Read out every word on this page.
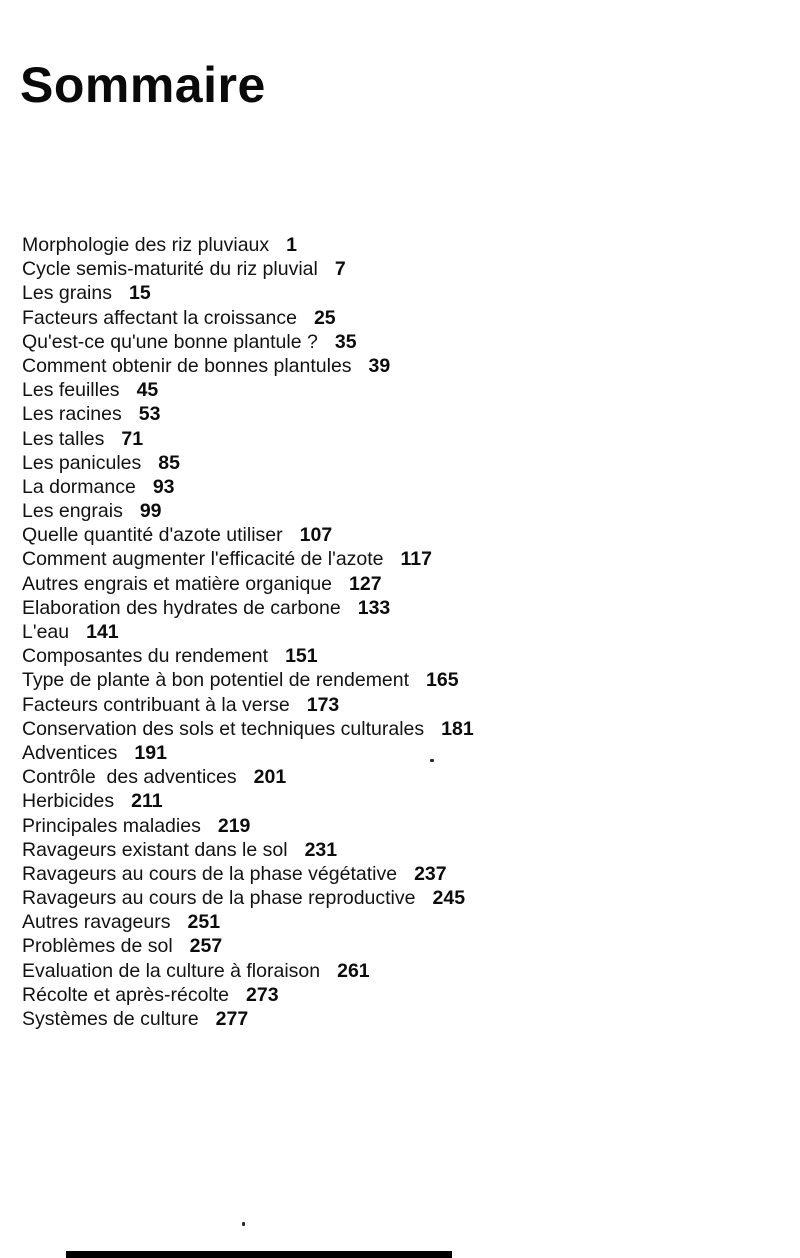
Sommaire
Morphologie des riz pluviaux 1
Cycle semis-maturité du riz pluvial 7
Les grains 15
Facteurs affectant la croissance 25
Qu'est-ce qu'une bonne plantule ? 35
Comment obtenir de bonnes plantules 39
Les feuilles 45
Les racines 53
Les talles 71
Les panicules 85
La dormance 93
Les engrais 99
Quelle quantité d'azote utiliser 107
Comment augmenter l'efficacité de l'azote 117
Autres engrais et matière organique 127
Elaboration des hydrates de carbone 133
L'eau 141
Composantes du rendement 151
Type de plante à bon potentiel de rendement 165
Facteurs contribuant à la verse 173
Conservation des sols et techniques culturales 181
Adventices 191
Contrôle  des adventices 201
Herbicides 211
Principales maladies 219
Ravageurs existant dans le sol 231
Ravageurs au cours de la phase végétative 237
Ravageurs au cours de la phase reproductive 245
Autres ravageurs 251
Problèmes de sol 257
Evaluation de la culture à floraison 261
Récolte et après-récolte 273
Systèmes de culture 277
